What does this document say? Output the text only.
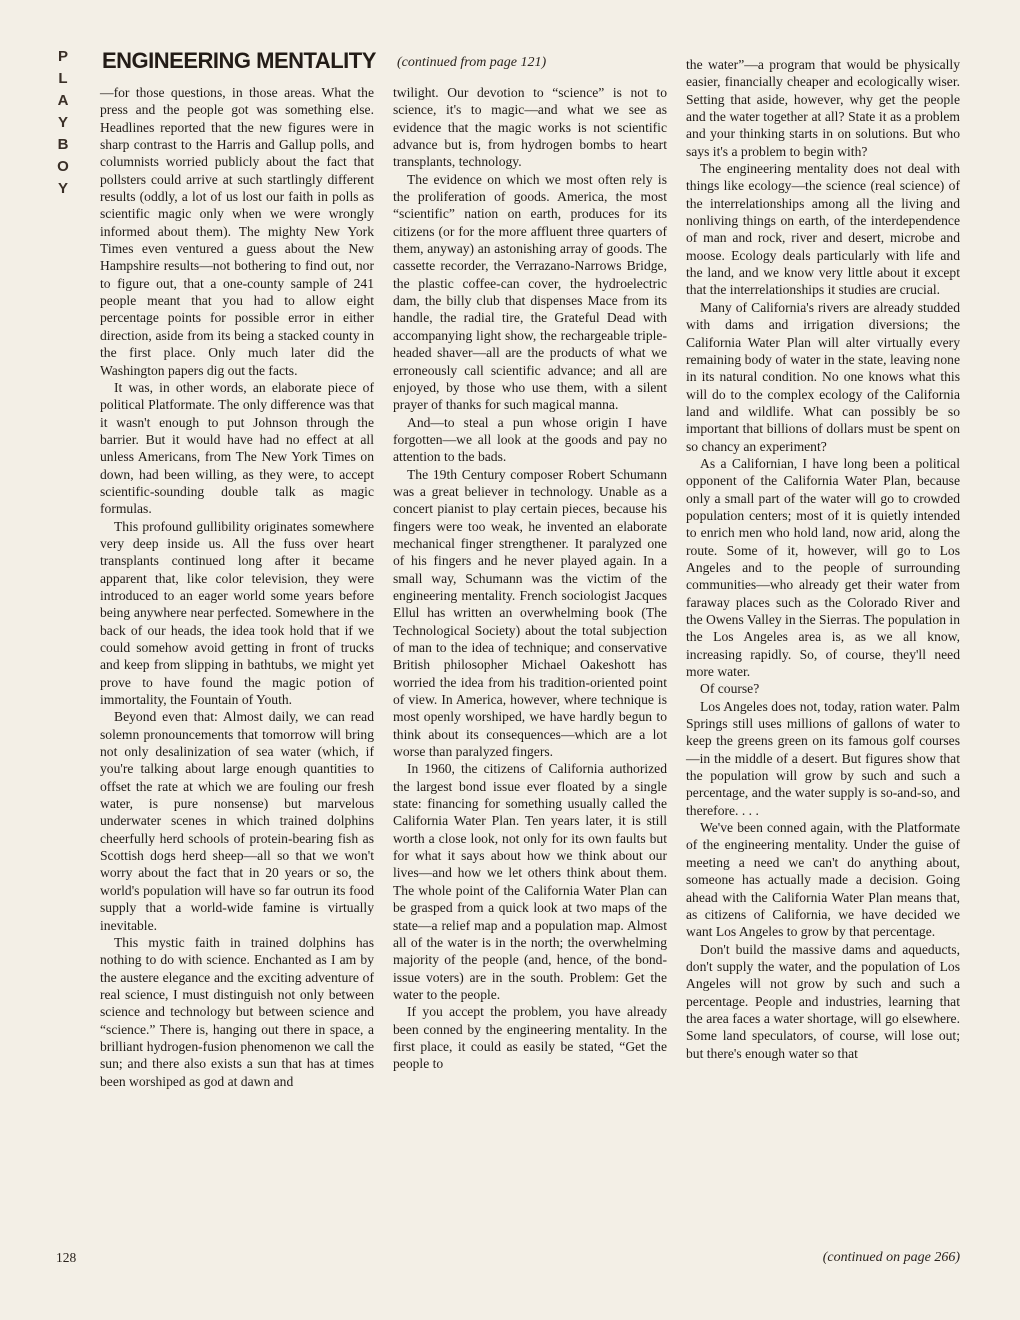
P
L
A
Y
B
O
Y
ENGINEERING MENTALITY (continued from page 121)

—for those questions, in those areas. What the press and the people got was something else. Headlines reported that the new figures were in sharp contrast to the Harris and Gallup polls, and columnists worried publicly about the fact that pollsters could arrive at such startlingly different results (oddly, a lot of us lost our faith in polls as scientific magic only when we were wrongly informed about them). The mighty New York Times even ventured a guess about the New Hampshire results—not bothering to find out, nor to figure out, that a one-county sample of 241 people meant that you had to allow eight percentage points for possible error in either direction, aside from its being a stacked county in the first place. Only much later did the Washington papers dig out the facts.

It was, in other words, an elaborate piece of political Platformate. The only difference was that it wasn't enough to put Johnson through the barrier. But it would have had no effect at all unless Americans, from The New York Times on down, had been willing, as they were, to accept scientific-sounding double talk as magic formulas.

This profound gullibility originates somewhere very deep inside us. All the fuss over heart transplants continued long after it became apparent that, like color television, they were introduced to an eager world some years before being anywhere near perfected. Somewhere in the back of our heads, the idea took hold that if we could somehow avoid getting in front of trucks and keep from slipping in bathtubs, we might yet prove to have found the magic potion of immortality, the Fountain of Youth.

Beyond even that: Almost daily, we can read solemn pronouncements that tomorrow will bring not only desalinization of sea water (which, if you're talking about large enough quantities to offset the rate at which we are fouling our fresh water, is pure nonsense) but marvelous underwater scenes in which trained dolphins cheerfully herd schools of protein-bearing fish as Scottish dogs herd sheep—all so that we won't worry about the fact that in 20 years or so, the world's population will have so far outrun its food supply that a world-wide famine is virtually inevitable.

This mystic faith in trained dolphins has nothing to do with science. Enchanted as I am by the austere elegance and the exciting adventure of real science, I must distinguish not only between science and technology but between science and “science.” There is, hanging out there in space, a brilliant hydrogen-fusion phenomenon we call the sun; and there also exists a sun that has at times been worshiped as god at dawn and

twilight. Our devotion to “science” is not to science, it's to magic—and what we see as evidence that the magic works is not scientific advance but is, from hydrogen bombs to heart transplants, technology.

The evidence on which we most often rely is the proliferation of goods. America, the most “scientific” nation on earth, produces for its citizens (or for the more affluent three quarters of them, anyway) an astonishing array of goods. The cassette recorder, the Verrazano-Narrows Bridge, the plastic coffee-can cover, the hydroelectric dam, the billy club that dispenses Mace from its handle, the radial tire, the Grateful Dead with accompanying light show, the rechargeable triple-headed shaver—all are the products of what we erroneously call scientific advance; and all are enjoyed, by those who use them, with a silent prayer of thanks for such magical manna.

And—to steal a pun whose origin I have forgotten—we all look at the goods and pay no attention to the bads.

The 19th Century composer Robert Schumann was a great believer in technology. Unable as a concert pianist to play certain pieces, because his fingers were too weak, he invented an elaborate mechanical finger strengthener. It paralyzed one of his fingers and he never played again. In a small way, Schumann was the victim of the engineering mentality. French sociologist Jacques Ellul has written an overwhelming book (The Technological Society) about the total subjection of man to the idea of technique; and conservative British philosopher Michael Oakeshott has worried the idea from his tradition-oriented point of view. In America, however, where technique is most openly worshiped, we have hardly begun to think about its consequences—which are a lot worse than paralyzed fingers.

In 1960, the citizens of California authorized the largest bond issue ever floated by a single state: financing for something usually called the California Water Plan. Ten years later, it is still worth a close look, not only for its own faults but for what it says about how we think about our lives—and how we let others think about them. The whole point of the California Water Plan can be grasped from a quick look at two maps of the state—a relief map and a population map. Almost all of the water is in the north; the overwhelming majority of the people (and, hence, of the bond-issue voters) are in the south. Problem: Get the water to the people.

If you accept the problem, you have already been conned by the engineering mentality. In the first place, it could as easily be stated, “Get the people to

the water”—a program that would be physically easier, financially cheaper and ecologically wiser. Setting that aside, however, why get the people and the water together at all? State it as a problem and your thinking starts in on solutions. But who says it's a problem to begin with?

The engineering mentality does not deal with things like ecology—the science (real science) of the interrelationships among all the living and nonliving things on earth, of the interdependence of man and rock, river and desert, microbe and moose. Ecology deals particularly with life and the land, and we know very little about it except that the interrelationships it studies are crucial.

Many of California's rivers are already studded with dams and irrigation diversions; the California Water Plan will alter virtually every remaining body of water in the state, leaving none in its natural condition. No one knows what this will do to the complex ecology of the California land and wildlife. What can possibly be so important that billions of dollars must be spent on so chancy an experiment?

As a Californian, I have long been a political opponent of the California Water Plan, because only a small part of the water will go to crowded population centers; most of it is quietly intended to enrich men who hold land, now arid, along the route. Some of it, however, will go to Los Angeles and to the people of surrounding communities—who already get their water from faraway places such as the Colorado River and the Owens Valley in the Sierras. The population in the Los Angeles area is, as we all know, increasing rapidly. So, of course, they'll need more water.

Of course?

Los Angeles does not, today, ration water. Palm Springs still uses millions of gallons of water to keep the greens green on its famous golf courses—in the middle of a desert. But figures show that the population will grow by such and such a percentage, and the water supply is so-and-so, and therefore. . . .

We've been conned again, with the Platformate of the engineering mentality. Under the guise of meeting a need we can't do anything about, someone has actually made a decision. Going ahead with the California Water Plan means that, as citizens of California, we have decided we want Los Angeles to grow by that percentage.

Don't build the massive dams and aqueducts, don't supply the water, and the population of Los Angeles will not grow by such and such a percentage. People and industries, learning that the area faces a water shortage, will go elsewhere. Some land speculators, of course, will lose out; but there's enough water so that

(continued on page 266)
128
